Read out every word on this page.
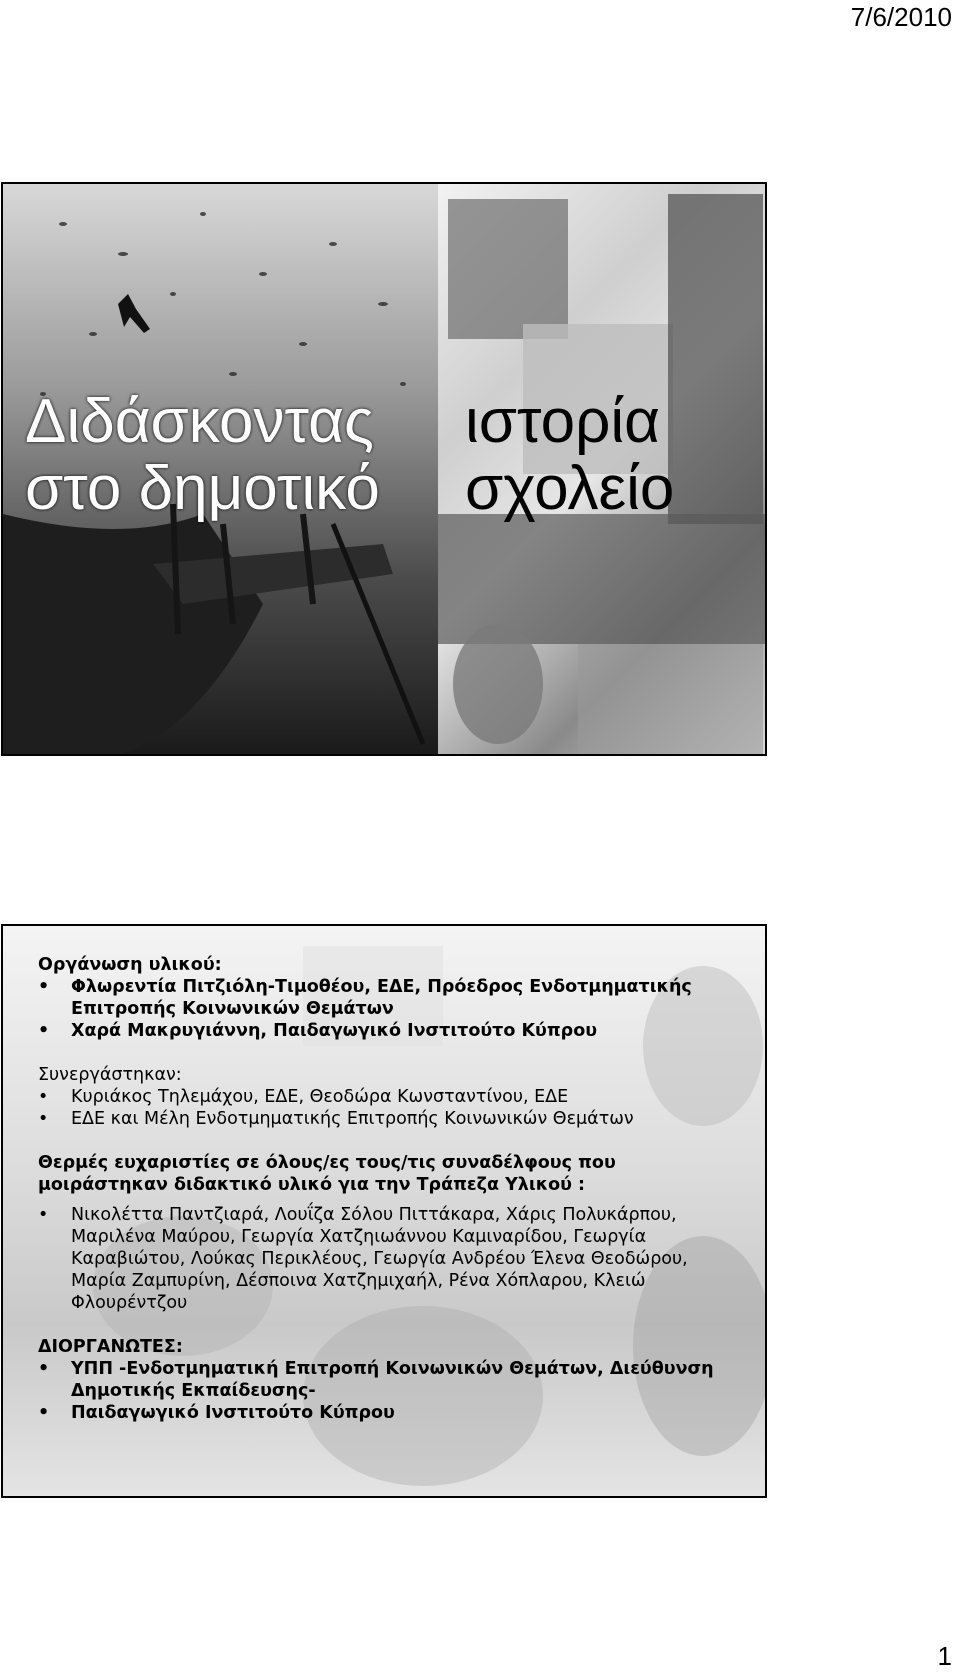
7/6/2010
Διδάσκοντας
στο δημοτικό
ιστορία
σχολείο

Οργάνωση υλικού:

• Φλωρεντία Πιτζιόλη-Τιμοθέου, ΕΔΕ, Πρόεδρος Ενδοτμηματικής Επιτροπής Κοινωνικών Θεμάτων
• Χαρά Μακρυγιάννη, Παιδαγωγικό Ινστιτούτο Κύπρου

Συνεργάστηκαν:

• Κυριάκος Τηλεμάχου, ΕΔΕ, Θεοδώρα Κωνσταντίνου, ΕΔΕ
• ΕΔΕ και Μέλη Ενδοτμηματικής Επιτροπής Κοινωνικών Θεμάτων

Θερμές ευχαριστίες σε όλους/ες τους/τις συναδέλφους που μοιράστηκαν διδακτικό υλικό για την Τράπεζα Υλικού :

• Νικολέττα Παντζιαρά, Λουΐζα Σόλου Πιττάκαρα, Χάρις Πολυκάρπου, Μαριλένα Μαύρου, Γεωργία Χατζηιωάννου Καμιναρίδου, Γεωργία Καραβιώτου, Λούκας Περικλέους, Γεωργία Ανδρέου Έλενα Θεοδώρου, Μαρία Ζαμπυρίνη, Δέσποινα Χατζημιχαήλ, Ρένα Χόπλαρου, Κλειώ Φλουρέντζου

ΔΙΟΡΓΑΝΩΤΕΣ:

• ΥΠΠ -Ενδοτμηματική Επιτροπή Κοινωνικών Θεμάτων, Διεύθυνση Δημοτικής Εκπαίδευσης-
• Παιδαγωγικό Ινστιτούτο Κύπρου
1
